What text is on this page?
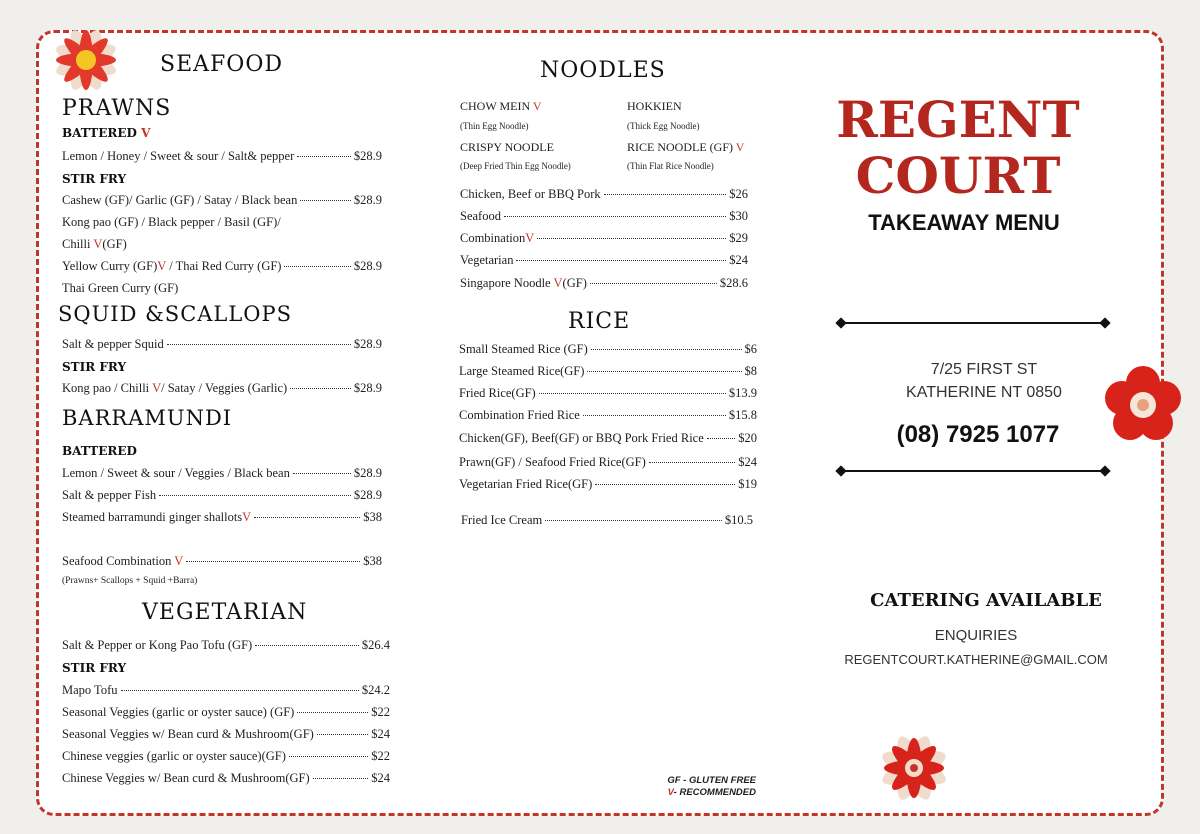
SEAFOOD
PRAWNS
BATTERED V
Lemon / Honey / Sweet & sour / Salt& pepper	$28.9
STIR FRY
Cashew (GF)/ Garlic (GF) / Satay / Black bean	$28.9
Kong pao (GF) / Black pepper / Basil (GF)/
Chilli V(GF)
Yellow Curry (GF)V / Thai Red Curry (GF)	$28.9
Thai Green Curry (GF)
SQUID &SCALLOPS
Salt & pepper Squid	$28.9
STIR FRY
Kong pao / Chilli V/ Satay / Veggies (Garlic)	$28.9
BARRAMUNDI
BATTERED
Lemon / Sweet & sour / Veggies / Black bean	$28.9
Salt & pepper Fish	$28.9
Steamed barramundi ginger shallotsV	$38
Seafood Combination V	$38
(Prawns+ Scallops + Squid +Barra)
VEGETARIAN
Salt & Pepper or Kong Pao Tofu (GF)	$26.4
STIR FRY
Mapo Tofu	$24.2
Seasonal Veggies (garlic or oyster sauce) (GF)	$22
Seasonal Veggies w/ Bean curd & Mushroom(GF)	$24
Chinese veggies (garlic or oyster sauce)(GF)	$22
Chinese Veggies w/ Bean curd & Mushroom(GF)	$24
NOODLES
CHOW MEIN V
(Thin Egg Noodle)
HOKKIEN
(Thick Egg Noodle)
CRISPY NOODLE
(Deep Fried Thin Egg Noodle)
RICE NOODLE (GF) V
(Thin Flat Rice Noodle)
Chicken, Beef or BBQ Pork	$26
Seafood	$30
CombinationV	$29
Vegetarian	$24
Singapore Noodle V(GF)	$28.6
RICE
Small Steamed Rice (GF)	$6
Large Steamed Rice(GF)	$8
Fried Rice(GF)	$13.9
Combination Fried Rice	$15.8
Chicken(GF), Beef(GF) or BBQ Pork Fried Rice	$20
Prawn(GF) / Seafood Fried Rice(GF)	$24
Vegetarian Fried Rice(GF)	$19
Fried Ice Cream	$10.5
GF - GLUTEN FREE
V- RECOMMENDED
REGENT
COURT
TAKEAWAY MENU
7/25 FIRST ST
KATHERINE NT 0850
(08) 7925 1077
CATERING AVAILABLE
ENQUIRIES
REGENTCOURT.KATHERINE@GMAIL.COM
